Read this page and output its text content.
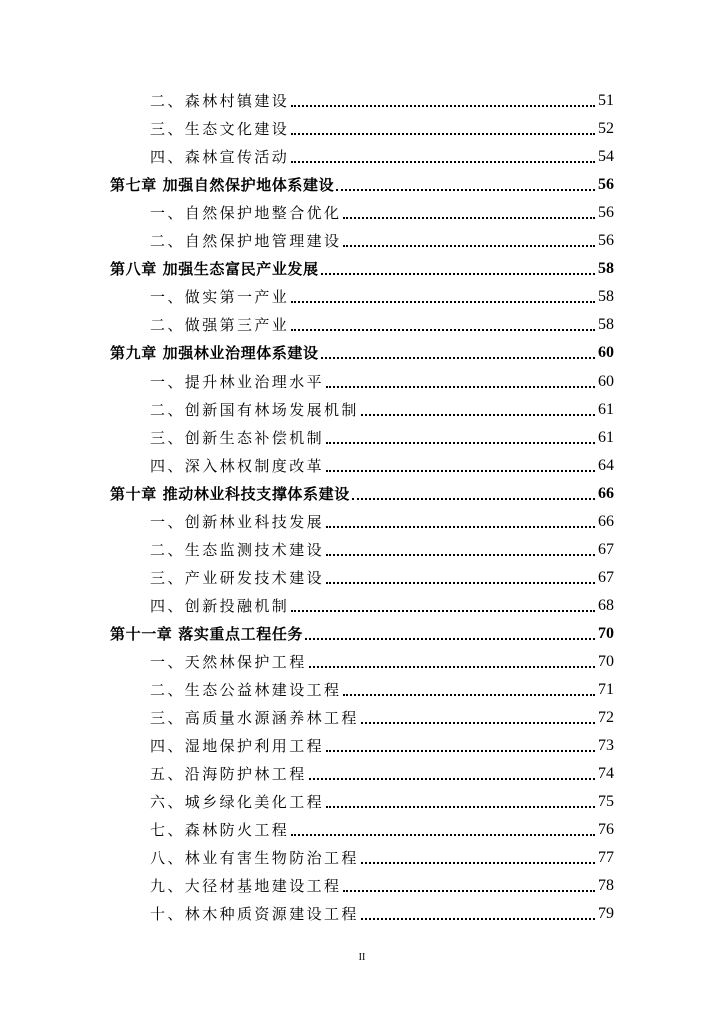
二、森林村镇建设	51
三、生态文化建设	52
四、森林宣传活动	54
第七章 加强自然保护地体系建设	56
一、自然保护地整合优化	56
二、自然保护地管理建设	56
第八章 加强生态富民产业发展	58
一、做实第一产业	58
二、做强第三产业	58
第九章 加强林业治理体系建设	60
一、提升林业治理水平	60
二、创新国有林场发展机制	61
三、创新生态补偿机制	61
四、深入林权制度改革	64
第十章 推动林业科技支撑体系建设	66
一、创新林业科技发展	66
二、生态监测技术建设	67
三、产业研发技术建设	67
四、创新投融机制	68
第十一章 落实重点工程任务	70
一、天然林保护工程	70
二、生态公益林建设工程	71
三、高质量水源涵养林工程	72
四、湿地保护利用工程	73
五、沿海防护林工程	74
六、城乡绿化美化工程	75
七、森林防火工程	76
八、林业有害生物防治工程	77
九、大径材基地建设工程	78
十、林木种质资源建设工程	79
II
